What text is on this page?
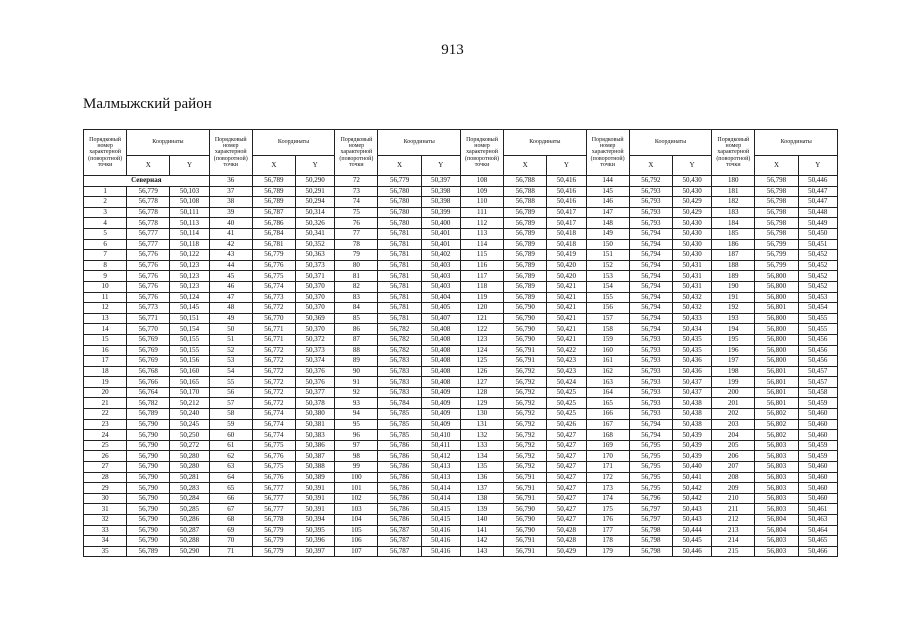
913
Малмыжский район
Порядковый номер характерной (поворотной) точки	Координаты		Порядковый номер характерной (поворотной) точки	Координаты		Порядковый номер характерной (поворотной) точки	Координаты		Порядковый номер характерной (поворотной) точки	Координаты		Порядковый номер характерной (поворотной) точки	Координаты		Порядковый номер характерной (поворотной) точки	Координаты	
	X	Y		X	Y		X	Y		X	Y		X	Y		X	Y
Северная			36	56,789	50,290	72	56,779	50,397	108	56,788	50,416	144	56,792	50,430	180	56,798	50,446
1	56,779	50,103	37	56,789	50,291	73	56,780	50,398	109	56,788	50,416	145	56,793	50,430	181	56,798	50,447
2	56,778	50,108	38	56,789	50,294	74	56,780	50,398	110	56,788	50,416	146	56,793	50,429	182	56,798	50,447
3	56,778	50,111	39	56,787	50,314	75	56,780	50,399	111	56,789	50,417	147	56,793	50,429	183	56,798	50,448
4	56,778	50,113	40	56,786	50,326	76	56,780	50,400	112	56,789	50,417	148	56,793	50,430	184	56,798	50,449
5	56,777	50,114	41	56,784	50,341	77	56,781	50,401	113	56,789	50,418	149	56,794	50,430	185	56,798	50,450
6	56,777	50,118	42	56,781	50,352	78	56,781	50,401	114	56,789	50,418	150	56,794	50,430	186	56,799	50,451
7	56,776	50,122	43	56,779	50,363	79	56,781	50,402	115	56,789	50,419	151	56,794	50,430	187	56,799	50,452
8	56,776	50,123	44	56,776	50,373	80	56,781	50,403	116	56,789	50,420	152	56,794	50,431	188	56,799	50,452
9	56,776	50,123	45	56,775	50,371	81	56,781	50,403	117	56,789	50,420	153	56,794	50,431	189	56,800	50,452
10	56,776	50,123	46	56,774	50,370	82	56,781	50,403	118	56,789	50,421	154	56,794	50,431	190	56,800	50,452
11	56,776	50,124	47	56,773	50,370	83	56,781	50,404	119	56,789	50,421	155	56,794	50,432	191	56,800	50,453
12	56,773	50,145	48	56,772	50,370	84	56,781	50,405	120	56,790	50,421	156	56,794	50,432	192	56,801	50,454
13	56,771	50,151	49	56,770	50,369	85	56,781	50,407	121	56,790	50,421	157	56,794	50,433	193	56,800	50,455
14	56,770	50,154	50	56,771	50,370	86	56,782	50,408	122	56,790	50,421	158	56,794	50,434	194	56,800	50,455
15	56,769	50,155	51	56,771	50,372	87	56,782	50,408	123	56,790	50,421	159	56,793	50,435	195	56,800	50,456
16	56,769	50,155	52	56,772	50,373	88	56,782	50,408	124	56,791	50,422	160	56,793	50,435	196	56,800	50,456
17	56,769	50,156	53	56,772	50,374	89	56,783	50,408	125	56,791	50,423	161	56,793	50,436	197	56,800	50,456
18	56,768	50,160	54	56,772	50,376	90	56,783	50,408	126	56,792	50,423	162	56,793	50,436	198	56,801	50,457
19	56,766	50,165	55	56,772	50,376	91	56,783	50,408	127	56,792	50,424	163	56,793	50,437	199	56,801	50,457
20	56,764	50,170	56	56,772	50,377	92	56,783	50,409	128	56,792	50,425	164	56,793	50,437	200	56,801	50,458
21	56,782	50,212	57	56,772	50,378	93	56,784	50,409	129	56,792	50,425	165	56,793	50,438	201	56,801	50,459
22	56,789	50,240	58	56,774	50,380	94	56,785	50,409	130	56,792	50,425	166	56,793	50,438	202	56,802	50,460
23	56,790	50,245	59	56,774	50,381	95	56,785	50,409	131	56,792	50,426	167	56,794	50,438	203	56,802	50,460
24	56,790	50,250	60	56,774	50,383	96	56,785	50,410	132	56,792	50,427	168	56,794	50,439	204	56,802	50,460
25	56,790	50,272	61	56,775	50,386	97	56,786	50,411	133	56,792	50,427	169	56,795	50,439	205	56,803	50,459
26	56,790	50,280	62	56,776	50,387	98	56,786	50,412	134	56,792	50,427	170	56,795	50,439	206	56,803	50,459
27	56,790	50,280	63	56,775	50,388	99	56,786	50,413	135	56,792	50,427	171	56,795	50,440	207	56,803	50,460
28	56,790	50,281	64	56,776	50,389	100	56,786	50,413	136	56,791	50,427	172	56,795	50,441	208	56,803	50,460
29	56,790	50,283	65	56,777	50,391	101	56,786	50,414	137	56,791	50,427	173	56,795	50,442	209	56,803	50,460
30	56,790	50,284	66	56,777	50,391	102	56,786	50,414	138	56,791	50,427	174	56,796	50,442	210	56,803	50,460
31	56,790	50,285	67	56,777	50,391	103	56,786	50,415	139	56,790	50,427	175	56,797	50,443	211	56,803	50,461
32	56,790	50,286	68	56,778	50,394	104	56,786	50,415	140	56,790	50,427	176	56,797	50,443	212	56,804	50,463
33	56,790	50,287	69	56,779	50,395	105	56,787	50,416	141	56,790	50,428	177	56,798	50,444	213	56,804	50,464
34	56,790	50,288	70	56,779	50,396	106	56,787	50,416	142	56,791	50,428	178	56,798	50,445	214	56,803	50,465
35	56,789	50,290	71	56,779	50,397	107	56,787	50,416	143	56,791	50,429	179	56,798	50,446	215	56,803	50,466
